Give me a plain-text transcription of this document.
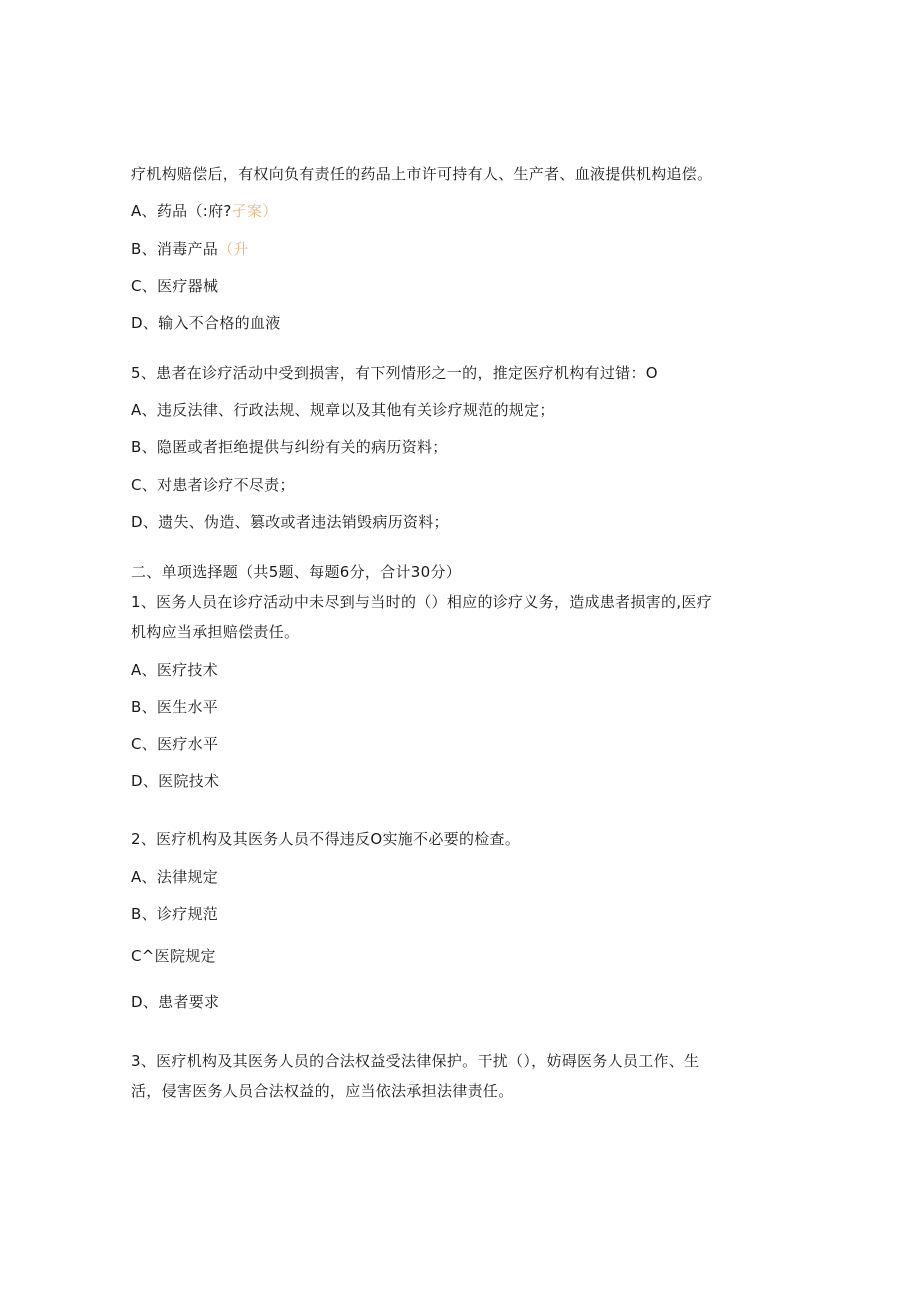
疗机构赔偿后，有权向负有责任的药品上市许可持有人、生产者、血液提供机构追偿。
A、药品（:府?孑案）
B、消毒产品（升
C、医疗器械
D、输入不合格的血液
5、患者在诊疗活动中受到损害，有下列情形之一的，推定医疗机构有过错：O
A、违反法律、行政法规、规章以及其他有关诊疗规范的规定；
B、隐匿或者拒绝提供与纠纷有关的病历资料；
C、对患者诊疗不尽责；
D、遗失、伪造、篡改或者违法销毁病历资料；
二、单项选择题（共5题、每题6分，合计30分）
1、医务人员在诊疗活动中未尽到与当时的（）相应的诊疗义务，造成患者损害的,医疗
机构应当承担赔偿责任。
A、医疗技术
B、医生水平
C、医疗水平
D、医院技术
2、医疗机构及其医务人员不得违反O实施不必要的检查。
A、法律规定
B、诊疗规范
C^医院规定
D、患者要求
3、医疗机构及其医务人员的合法权益受法律保护。干扰（），妨碍医务人员工作、生
活，侵害医务人员合法权益的，应当依法承担法律责任。
